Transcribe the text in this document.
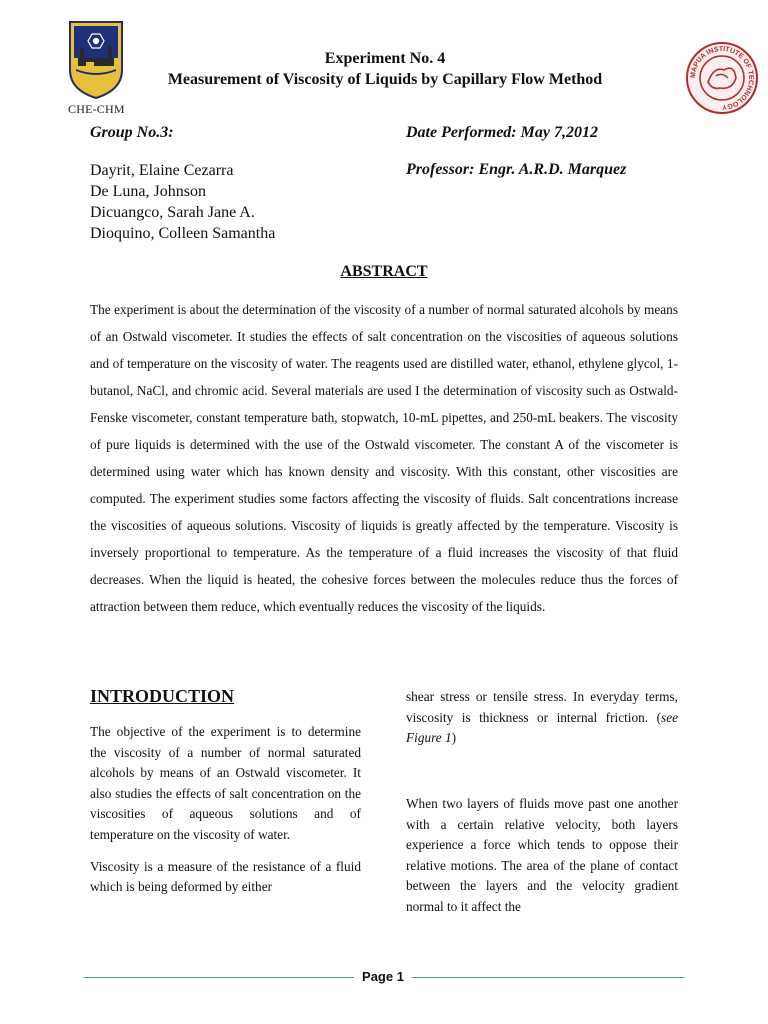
CHE-CHM
MAPUA INSTITUTE OF TECHNOLOGY
Experiment No. 4
Measurement of Viscosity of Liquids by Capillary Flow Method
Group No.3:	Date Performed: May 7,2012
Professor: Engr. A.R.D. Marquez
Dayrit, Elaine Cezarra
De Luna, Johnson
Dicuangco, Sarah Jane A.
Dioquino, Colleen Samantha
ABSTRACT
The experiment is about the determination of the viscosity of a number of normal saturated alcohols by means of an Ostwald viscometer. It studies the effects of salt concentration on the viscosities of aqueous solutions and of temperature on the viscosity of water. The reagents used are distilled water, ethanol, ethylene glycol, 1-butanol, NaCl, and chromic acid. Several materials are used I the determination of viscosity such as Ostwald-Fenske viscometer, constant temperature bath, stopwatch, 10-mL pipettes, and 250-mL beakers. The viscosity of pure liquids is determined with the use of the Ostwald viscometer. The constant A of the viscometer is determined using water which has known density and viscosity. With this constant, other viscosities are computed. The experiment studies some factors affecting the viscosity of fluids. Salt concentrations increase the viscosities of aqueous solutions. Viscosity of liquids is greatly affected by the temperature. Viscosity is inversely proportional to temperature. As the temperature of a fluid increases the viscosity of that fluid decreases. When the liquid is heated, the cohesive forces between the molecules reduce thus the forces of attraction between them reduce, which eventually reduces the viscosity of the liquids.
INTRODUCTION

The objective of the experiment is to determine the viscosity of a number of normal saturated alcohols by means of an Ostwald viscometer. It also studies the effects of salt concentration on the viscosities of aqueous solutions and of temperature on the viscosity of water.

Viscosity is a measure of the resistance of a fluid which is being deformed by either

shear stress or tensile stress. In everyday terms, viscosity is thickness or internal friction. (see Figure 1)

When two layers of fluids move past one another with a certain relative velocity, both layers experience a force which tends to oppose their relative motions. The area of the plane of contact between the layers and the velocity gradient normal to it affect the

Page 1
